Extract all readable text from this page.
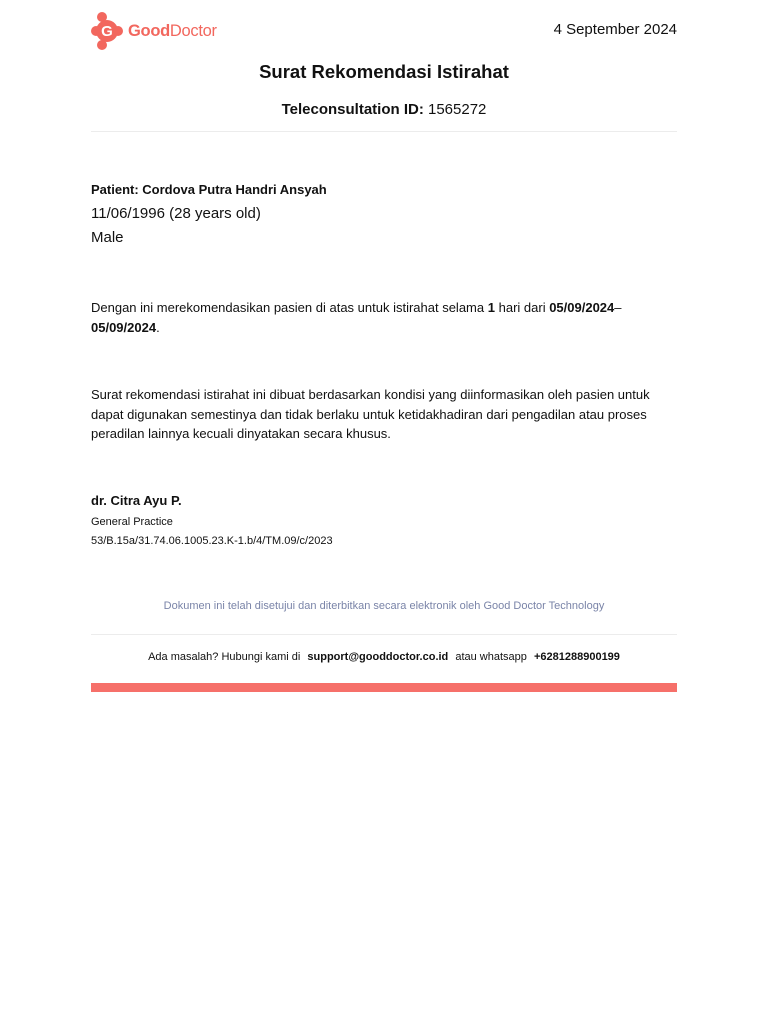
G GoodDoctor	4 September 2024
Surat Rekomendasi Istirahat
Teleconsultation ID: 1565272
Patient: Cordova Putra Handri Ansyah
11/06/1996 (28 years old)
Male
Dengan ini merekomendasikan pasien di atas untuk istirahat selama 1 hari dari 05/09/2024–
05/09/2024.
Surat rekomendasi istirahat ini dibuat berdasarkan kondisi yang diinformasikan oleh pasien untuk dapat digunakan semestinya dan tidak berlaku untuk ketidakhadiran dari pengadilan atau proses peradilan lainnya kecuali dinyatakan secara khusus.
dr. Citra Ayu P.
General Practice
53/B.15a/31.74.06.1005.23.K-1.b/4/TM.09/c/2023
Dokumen ini telah disetujui dan diterbitkan secara elektronik oleh Good Doctor Technology
Ada masalah? Hubungi kami di support@gooddoctor.co.id atau whatsapp +6281288900199
